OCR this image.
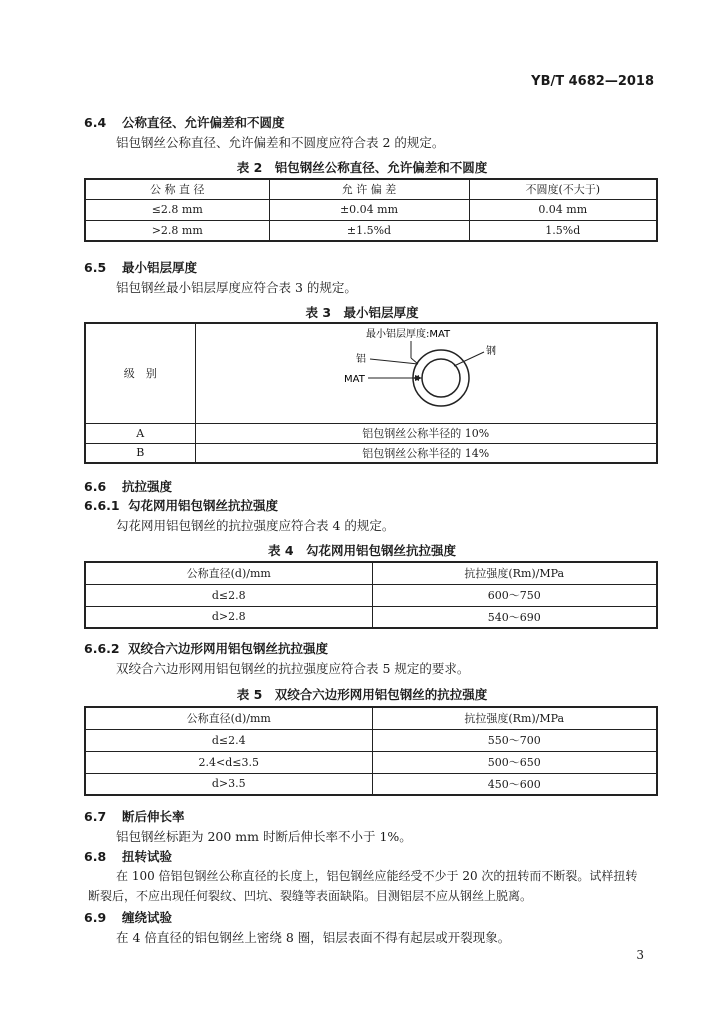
YB/T 4682—2018
6.4 公称直径、允许偏差和不圆度
铝包钢丝公称直径、允许偏差和不圆度应符合表 2 的规定。
表 2　铝包钢丝公称直径、允许偏差和不圆度
公 称 直 径	允 许 偏 差	不圆度(不大于)
≤2.8 mm	±0.04 mm	0.04 mm
>2.8 mm	±1.5%d	1.5%d
6.5 最小铝层厚度
铝包钢丝最小铝层厚度应符合表 3 的规定。
表 3　最小铝层厚度
级　别	最小铝层厚度:MAT
钢
铝
MAT

A	铝包钢丝公称半径的 10%
B	铝包钢丝公称半径的 14%
6.6 抗拉强度
6.6.1 勾花网用铝包钢丝抗拉强度
勾花网用铝包钢丝的抗拉强度应符合表 4 的规定。
表 4　勾花网用铝包钢丝抗拉强度
公称直径(d)/mm	抗拉强度(Rm)/MPa
d≤2.8	600～750
d>2.8	540～690
6.6.2 双绞合六边形网用铝包钢丝抗拉强度
双绞合六边形网用铝包钢丝的抗拉强度应符合表 5 规定的要求。
表 5　双绞合六边形网用铝包钢丝的抗拉强度
公称直径(d)/mm	抗拉强度(Rm)/MPa
d≤2.4	550～700
2.4<d≤3.5	500～650
d>3.5	450～600
6.7 断后伸长率
铝包钢丝标距为 200 mm 时断后伸长率不小于 1%。
6.8 扭转试验
在 100 倍铝包钢丝公称直径的长度上，铝包钢丝应能经受不少于 20 次的扭转而不断裂。试样扭转
断裂后，不应出现任何裂纹、凹坑、裂缝等表面缺陷。目测铝层不应从钢丝上脱离。
6.9 缠绕试验
在 4 倍直径的铝包钢丝上密绕 8 圈，铝层表面不得有起层或开裂现象。
3
